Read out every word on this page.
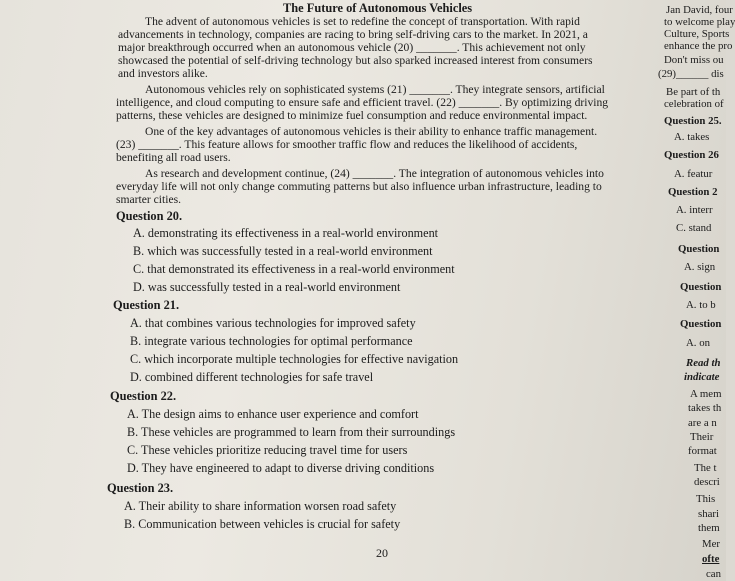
The Future of Autonomous Vehicles
The advent of autonomous vehicles is set to redefine the concept of transportation. With rapid
advancements in technology, companies are racing to bring self-driving cars to the market. In 2021, a
major breakthrough occurred when an autonomous vehicle (20) _______. This achievement not only
showcased the potential of self-driving technology but also sparked increased interest from consumers
and investors alike.
Autonomous vehicles rely on sophisticated systems (21) _______. They integrate sensors, artificial
intelligence, and cloud computing to ensure safe and efficient travel. (22) _______. By optimizing driving
patterns, these vehicles are designed to minimize fuel consumption and reduce environmental impact.
One of the key advantages of autonomous vehicles is their ability to enhance traffic management.
(23) _______. This feature allows for smoother traffic flow and reduces the likelihood of accidents,
benefiting all road users.
As research and development continue, (24) _______. The integration of autonomous vehicles into
everyday life will not only change commuting patterns but also influence urban infrastructure, leading to
smarter cities.
Question 20.
A. demonstrating its effectiveness in a real-world environment
B. which was successfully tested in a real-world environment
C. that demonstrated its effectiveness in a real-world environment
D. was successfully tested in a real-world environment
Question 21.
A. that combines various technologies for improved safety
B. integrate various technologies for optimal performance
C. which incorporate multiple technologies for effective navigation
D. combined different technologies for safe travel
Question 22.
A. The design aims to enhance user experience and comfort
B. These vehicles are programmed to learn from their surroundings
C. These vehicles prioritize reducing travel time for users
D. They have engineered to adapt to diverse driving conditions
Question 23.
A. Their ability to share information worsen road safety
B. Communication between vehicles is crucial for safety
20
Jan David, four
to welcome play
Culture, Sports
enhance the pro
Don't miss ou
(29)______ dis
Be part of th
celebration of
Question 25.
A. takes
Question 26
A. featur
Question 2
A. interr
C. stand
Question
A. sign
Question
A. to b
Question
A. on
Read th
indicate
A mem
takes th
are a n
Their
format
The t
descri
This
shari
them
Mer
ofte
can
